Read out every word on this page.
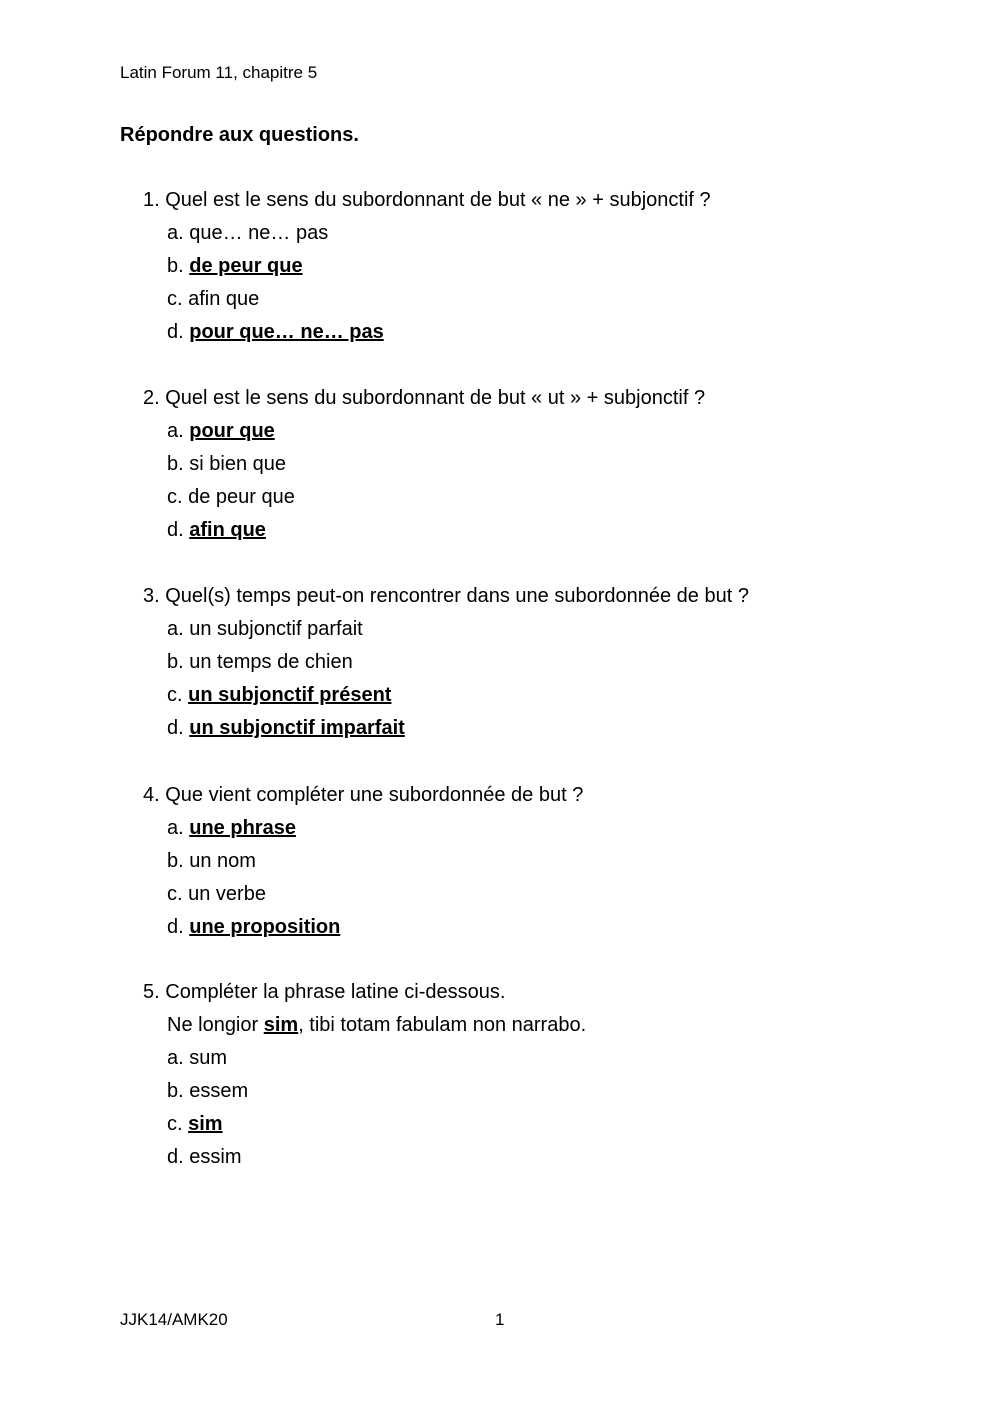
Latin Forum 11, chapitre 5
Répondre aux questions.
1. Quel est le sens du subordonnant de but « ne » + subjonctif ?
a. que… ne… pas
b. de peur que
c. afin que
d. pour que… ne… pas
2. Quel est le sens du subordonnant de but « ut » + subjonctif ?
a. pour que
b. si bien que
c. de peur que
d. afin que
3. Quel(s) temps peut-on rencontrer dans une subordonnée de but ?
a. un subjonctif parfait
b. un temps de chien
c. un subjonctif présent
d. un subjonctif imparfait
4. Que vient compléter une subordonnée de but ?
a. une phrase
b. un nom
c. un verbe
d. une proposition
5. Compléter la phrase latine ci-dessous.
Ne longior sim, tibi totam fabulam non narrabo.
a. sum
b. essem
c. sim
d. essim
JJK14/AMK20	1
